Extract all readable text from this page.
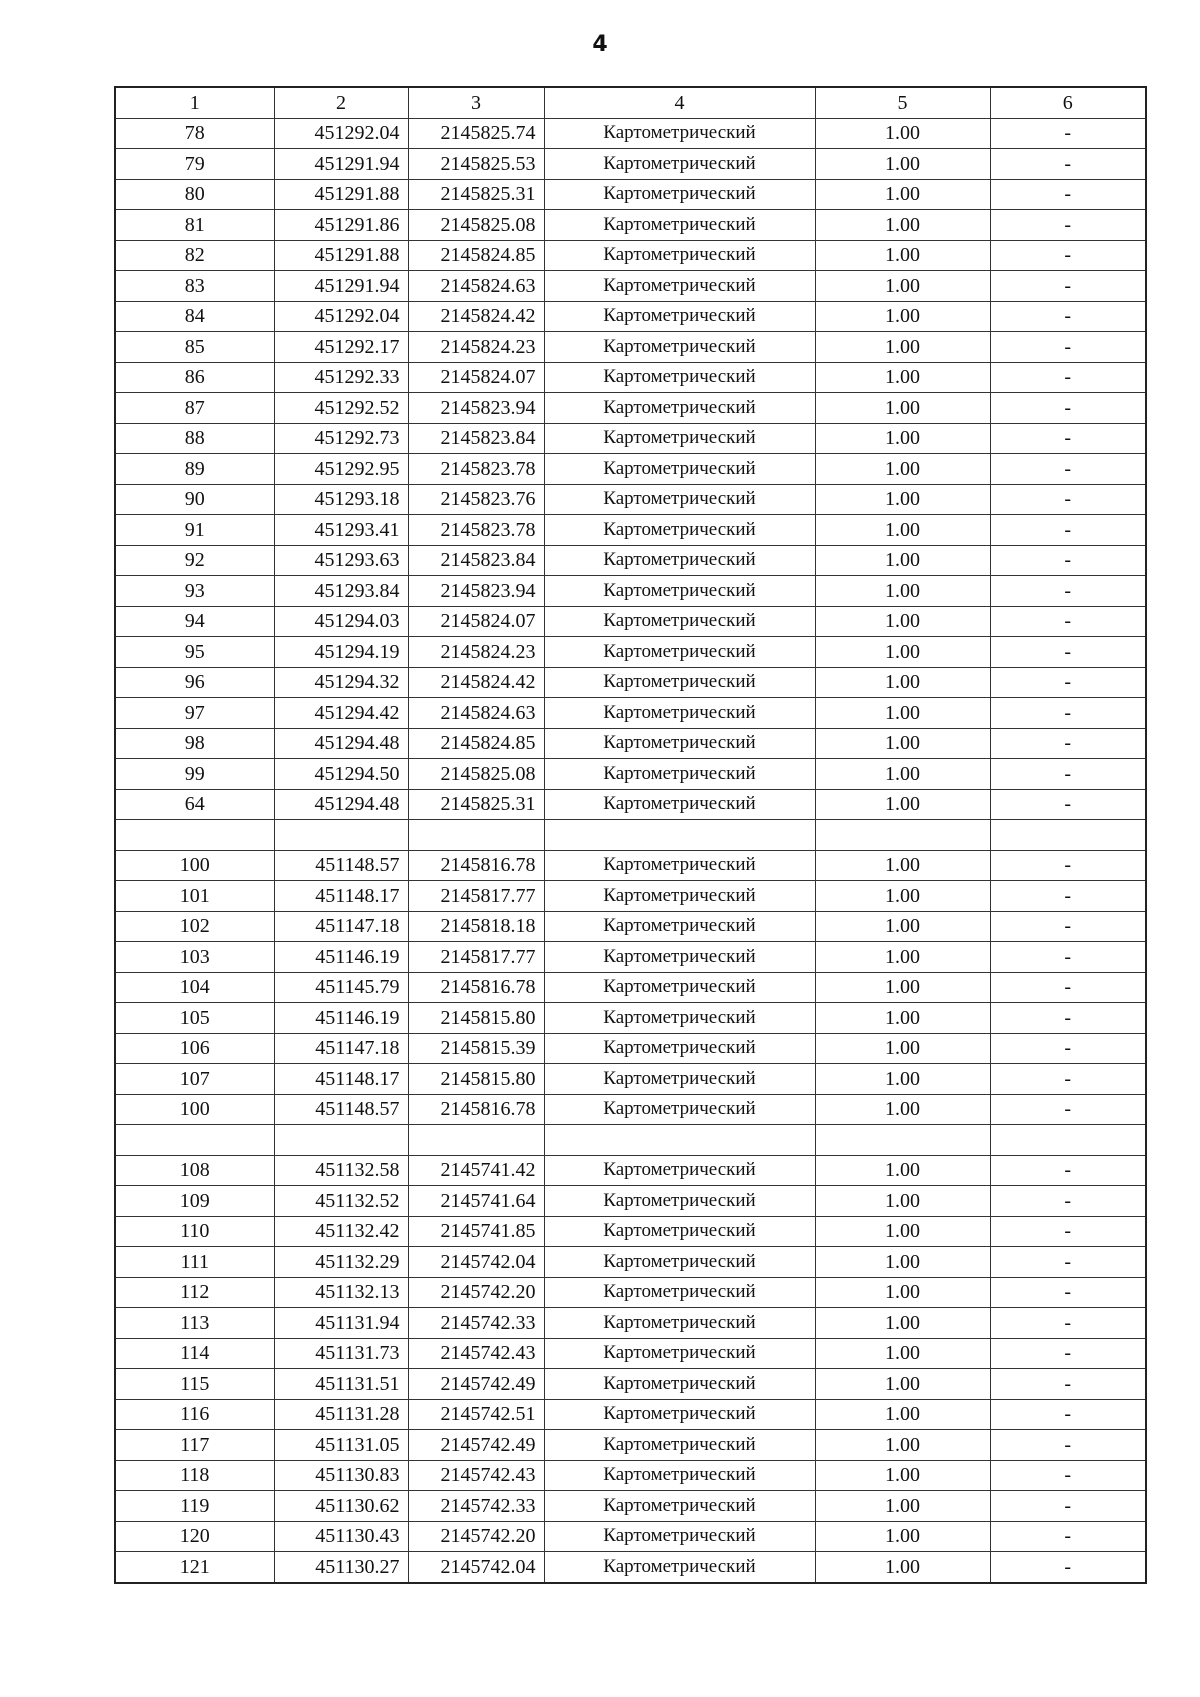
4
1	2	3	4	5	6
78	451292.04	2145825.74	Картометрический	1.00	-
79	451291.94	2145825.53	Картометрический	1.00	-
80	451291.88	2145825.31	Картометрический	1.00	-
81	451291.86	2145825.08	Картометрический	1.00	-
82	451291.88	2145824.85	Картометрический	1.00	-
83	451291.94	2145824.63	Картометрический	1.00	-
84	451292.04	2145824.42	Картометрический	1.00	-
85	451292.17	2145824.23	Картометрический	1.00	-
86	451292.33	2145824.07	Картометрический	1.00	-
87	451292.52	2145823.94	Картометрический	1.00	-
88	451292.73	2145823.84	Картометрический	1.00	-
89	451292.95	2145823.78	Картометрический	1.00	-
90	451293.18	2145823.76	Картометрический	1.00	-
91	451293.41	2145823.78	Картометрический	1.00	-
92	451293.63	2145823.84	Картометрический	1.00	-
93	451293.84	2145823.94	Картометрический	1.00	-
94	451294.03	2145824.07	Картометрический	1.00	-
95	451294.19	2145824.23	Картометрический	1.00	-
96	451294.32	2145824.42	Картометрический	1.00	-
97	451294.42	2145824.63	Картометрический	1.00	-
98	451294.48	2145824.85	Картометрический	1.00	-
99	451294.50	2145825.08	Картометрический	1.00	-
64	451294.48	2145825.31	Картометрический	1.00	-

100	451148.57	2145816.78	Картометрический	1.00	-
101	451148.17	2145817.77	Картометрический	1.00	-
102	451147.18	2145818.18	Картометрический	1.00	-
103	451146.19	2145817.77	Картометрический	1.00	-
104	451145.79	2145816.78	Картометрический	1.00	-
105	451146.19	2145815.80	Картометрический	1.00	-
106	451147.18	2145815.39	Картометрический	1.00	-
107	451148.17	2145815.80	Картометрический	1.00	-
100	451148.57	2145816.78	Картометрический	1.00	-

108	451132.58	2145741.42	Картометрический	1.00	-
109	451132.52	2145741.64	Картометрический	1.00	-
110	451132.42	2145741.85	Картометрический	1.00	-
111	451132.29	2145742.04	Картометрический	1.00	-
112	451132.13	2145742.20	Картометрический	1.00	-
113	451131.94	2145742.33	Картометрический	1.00	-
114	451131.73	2145742.43	Картометрический	1.00	-
115	451131.51	2145742.49	Картометрический	1.00	-
116	451131.28	2145742.51	Картометрический	1.00	-
117	451131.05	2145742.49	Картометрический	1.00	-
118	451130.83	2145742.43	Картометрический	1.00	-
119	451130.62	2145742.33	Картометрический	1.00	-
120	451130.43	2145742.20	Картометрический	1.00	-
121	451130.27	2145742.04	Картометрический	1.00	-
